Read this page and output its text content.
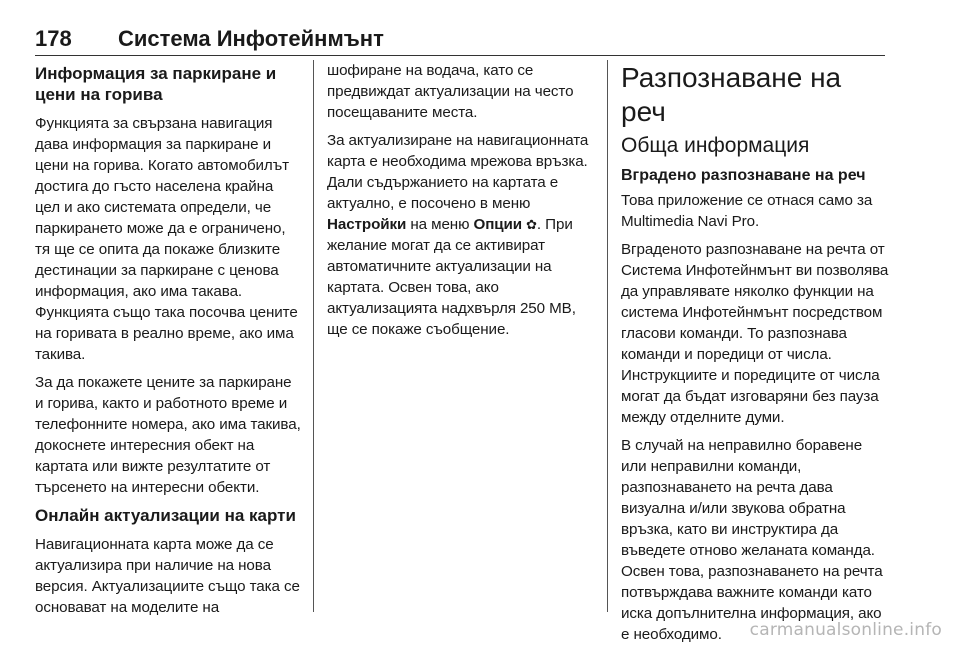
178 Система Инфотейнмънт
Информация за паркиране и цени на горива

Функцията за свързана навигация дава информация за паркиране и цени на горива. Когато автомобилът достига до гъсто населена крайна цел и ако системата определи, че паркирането може да е ограничено, тя ще се опита да покаже близките дестинации за паркиране с ценова информация, ако има такава. Функцията също така посочва цените на горивата в реално време, ако има такива.

За да покажете цените за паркиране и горива, както и работното време и телефонните номера, ако има такива, докоснете интересния обект на картата или вижте резултатите от търсенето на интересни обекти.

Онлайн актуализации на карти

Навигационната карта може да се актуализира при наличие на нова версия. Актуализациите също така се основават на моделите на

шофиране на водача, като се предвиждат актуализации на често посещаваните места.

За актуализиране на навигационната карта е необходима мрежова връзка. Дали съдържанието на картата е актуално, е посочено в меню Настройки на меню Опции ✿. При желание могат да се активират автоматичните актуализации на картата. Освен това, ако актуализацията надхвърля 250 MB, ще се покаже съобщение.

Разпознаване на реч
Обща информация
Вградено разпознаване на реч

Това приложение се отнася само за Multimedia Navi Pro.

Вграденото разпознаване на речта от Система Инфотейнмънт ви позволява да управлявате няколко функции на система Инфотейнмънт посредством гласови команди. То разпознава команди и поредици от числа. Инструкциите и поредиците от числа могат да бъдат изговаряни без пауза между отделните думи.

В случай на неправилно боравене или неправилни команди, разпознаването на речта дава визуална и/или звукова обратна връзка, като ви инструктира да въведете отново желаната команда. Освен това, разпознаването на речта потвърждава важните команди като иска допълнителна информация, ако е необходимо.	carmanualsonline.info
